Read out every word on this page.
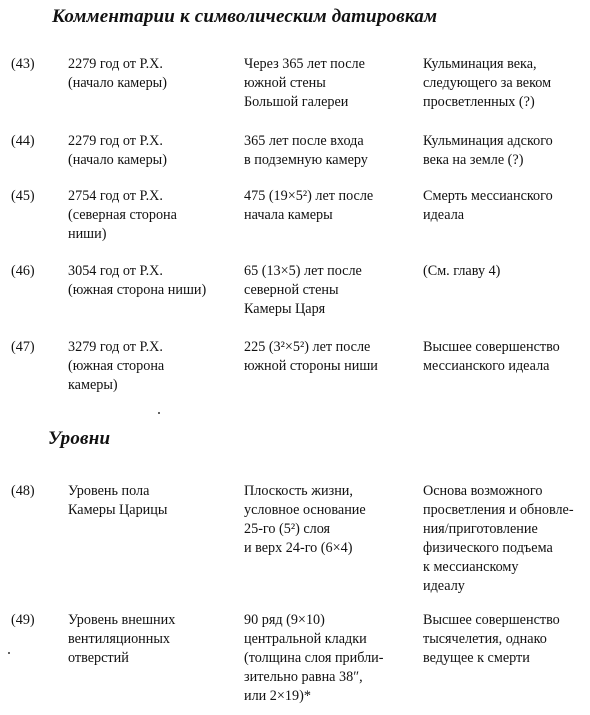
Комментарии к символическим датировкам
(43) 2279 год от Р.Х.
(начало камеры)
Через 365 лет после
южной стены
Большой галереи
Кульминация века,
следующего за веком
просветленных (?)
(44) 2279 год от Р.Х.
(начало камеры)
365 лет после входа
в подземную камеру
Кульминация адского
века на земле (?)
(45) 2754 год от Р.Х.
(северная сторона
ниши)
475 (19×5²) лет после
начала камеры
Смерть мессианского
идеала
(46) 3054 год от Р.Х.
(южная сторона ниши)
65 (13×5) лет после
северной стены
Камеры Царя
(См. главу 4)
(47) 3279 год от Р.Х.
(южная сторона
камеры)
225 (3²×5²) лет после
южной стороны ниши
Высшее совершенство
мессианского идеала
Уровни
(48) Уровень пола
Камеры Царицы
Плоскость жизни,
условное основание
25-го (5²) слоя
и верх 24-го (6×4)
Основа возможного
просветления и обновле-
ния/приготовление
физического подъема
к мессианскому
идеалу
(49) Уровень внешних
вентиляционных
отверстий
90 ряд (9×10)
центральной кладки
(толщина слоя прибли-
зительно равна 38″,
или 2×19)*
Высшее совершенство
тысячелетия, однако
ведущее к смерти
